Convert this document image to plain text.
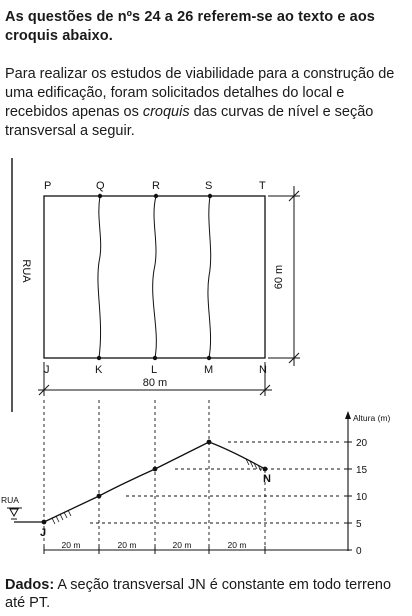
As questões de nºs 24 a 26 referem-se ao texto e aos
croquis abaixo.
Para realizar os estudos de viabilidade para a construção de uma edificação, foram solicitados detalhes do local e recebidos apenas os croquis das curvas de nível e seção transversal a seguir.
P	Q	R	S	T
J	K	L	M	N
RUA	60 m
80 m
Altura (m)
20
15
10
5
0
20 m	20 m	20 m	20 m
J
N
RUA
Dados: A seção transversal JN é constante em todo terreno até PT.
